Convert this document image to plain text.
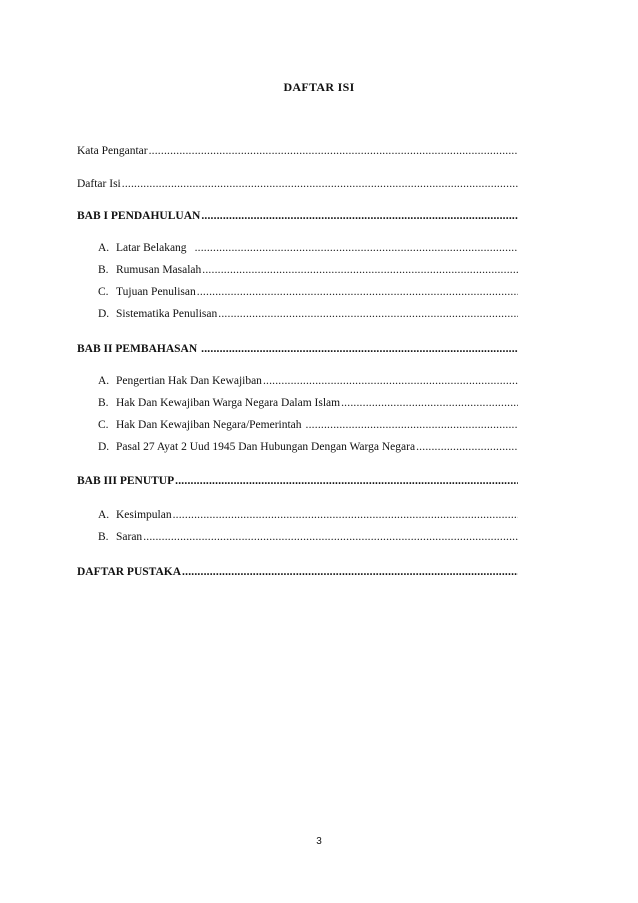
DAFTAR ISI
Kata Pengantar
.....
Daftar Isi
.....
BAB I PENDAHULUAN
.....
A. Latar Belakang
.....
B. Rumusan Masalah
.....
C. Tujuan Penulisan
.....
D. Sistematika Penulisan
.....
BAB II PEMBAHASAN
.....
A. Pengertian Hak Dan Kewajiban
.....
B. Hak Dan Kewajiban Warga Negara Dalam Islam
.....
C. Hak Dan Kewajiban Negara/Pemerintah
.....
D. Pasal 27 Ayat 2 Uud 1945 Dan Hubungan Dengan Warga Negara
.....
BAB III PENUTUP
.....
A. Kesimpulan
.....
B. Saran
.....
DAFTAR PUSTAKA
.....
3
